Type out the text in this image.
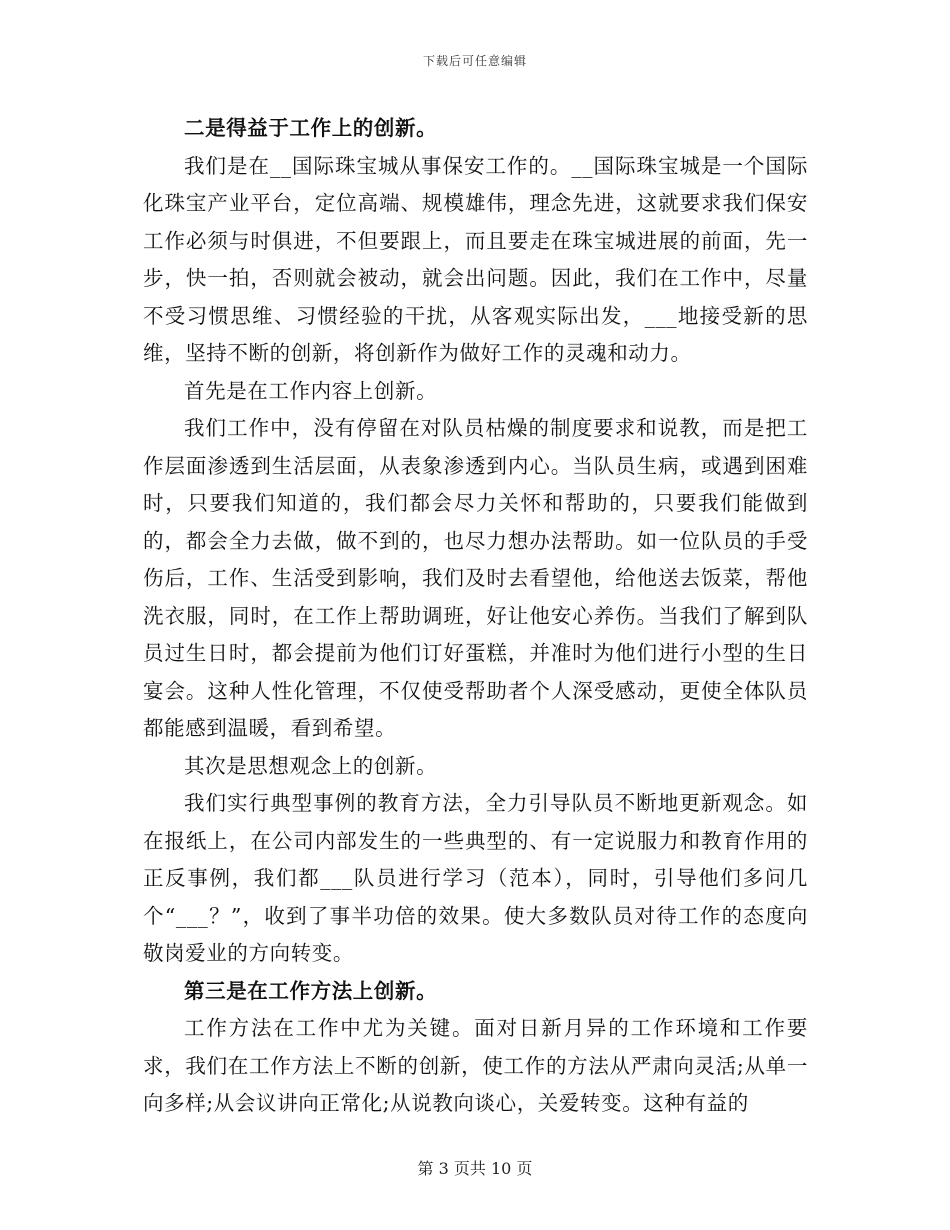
下载后可任意编辑

二是得益于工作上的创新。

我们是在__国际珠宝城从事保安工作的。__国际珠宝城是一个国际化珠宝产业平台，定位高端、规模雄伟，理念先进，这就要求我们保安工作必须与时俱进，不但要跟上，而且要走在珠宝城进展的前面，先一步，快一拍，否则就会被动，就会出问题。因此，我们在工作中，尽量不受习惯思维、习惯经验的干扰，从客观实际出发，___地接受新的思维，坚持不断的创新，将创新作为做好工作的灵魂和动力。

首先是在工作内容上创新。

我们工作中，没有停留在对队员枯燥的制度要求和说教，而是把工作层面渗透到生活层面，从表象渗透到内心。当队员生病，或遇到困难时，只要我们知道的，我们都会尽力关怀和帮助的，只要我们能做到的，都会全力去做，做不到的，也尽力想办法帮助。如一位队员的手受伤后，工作、生活受到影响，我们及时去看望他，给他送去饭菜，帮他洗衣服，同时，在工作上帮助调班，好让他安心养伤。当我们了解到队员过生日时，都会提前为他们订好蛋糕，并准时为他们进行小型的生日宴会。这种人性化管理，不仅使受帮助者个人深受感动，更使全体队员都能感到温暖，看到希望。

其次是思想观念上的创新。

我们实行典型事例的教育方法，全力引导队员不断地更新观念。如在报纸上，在公司内部发生的一些典型的、有一定说服力和教育作用的正反事例，我们都___队员进行学习（范本），同时，引导他们多问几个“___？”，收到了事半功倍的效果。使大多数队员对待工作的态度向敬岗爱业的方向转变。

第三是在工作方法上创新。

工作方法在工作中尤为关键。面对日新月异的工作环境和工作要求，我们在工作方法上不断的创新，使工作的方法从严肃向灵活;从单一向多样;从会议讲向正常化;从说教向谈心，关爱转变。这种有益的

第 3 页共 10 页
